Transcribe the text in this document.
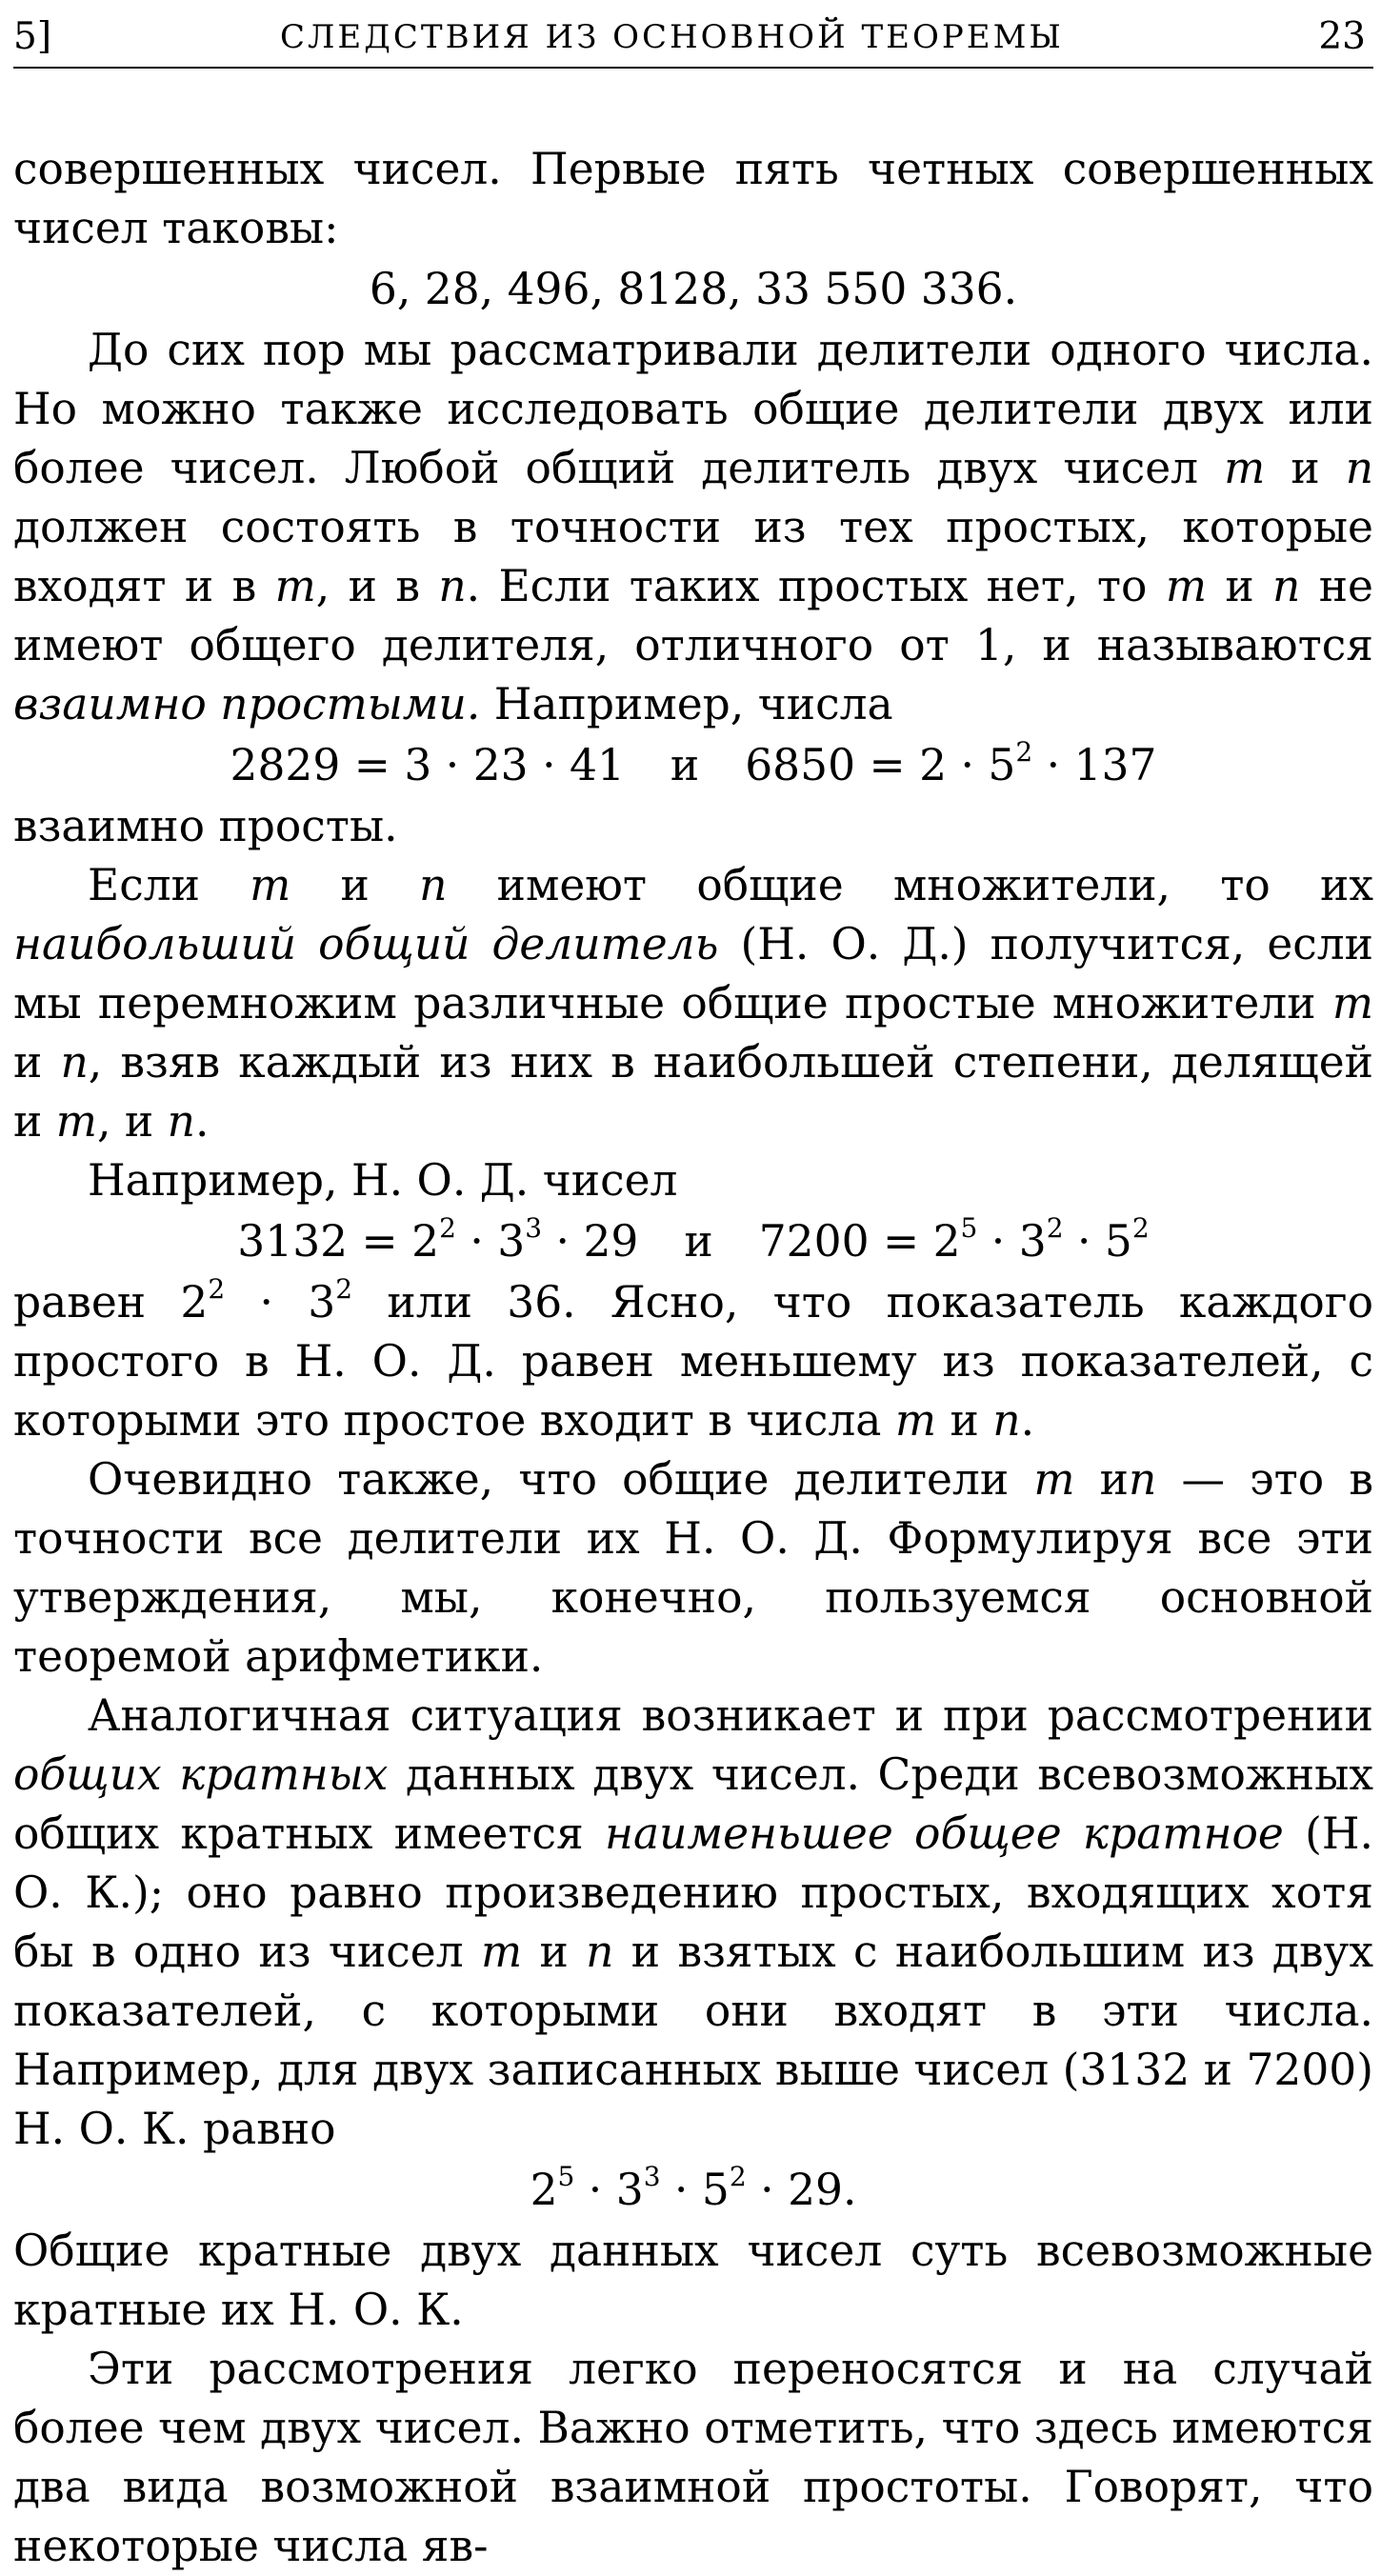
5]	СЛЕДСТВИЯ ИЗ ОСНОВНОЙ ТЕОРЕМЫ	23

совершенных чисел. Первые пять четных совершенных чисел таковы:

6, 28, 496, 8128, 33 550 336.

До сих пор мы рассматривали делители одного числа. Но можно также исследовать общие делители двух или более чисел. Любой общий делитель двух чисел m и n должен состоять в точности из тех простых, которые входят и в m, и в n. Если таких простых нет, то m и n не имеют общего делителя, отличного от 1, и называются взаимно простыми. Например, числа

2829 = 3 · 23 · 41 и $6850 = 2 \cdot 5^2 \cdot 137$

взаимно просты.

Если m и n имеют общие множители, то их наибольший общий делитель (Н. О. Д.) получится, если мы перемножим различные общие простые множители m и n, взяв каждый из них в наибольшей степени, делящей и m, и n.

Например, Н. О. Д. чисел

$3132 = 2^2 \cdot 3^3 \cdot 29$ и $7200 = 2^5 \cdot 3^2 \cdot 5^2$

равен $2^2 \cdot 3^2$ или 36. Ясно, что показатель каждого простого в Н. О. Д. равен меньшему из показателей, с которыми это простое входит в числа m и n.

Очевидно также, что общие делители m иn — это в точности все делители их Н. О. Д. Формулируя все эти утверждения, мы, конечно, пользуемся основной теоремой арифметики.

Аналогичная ситуация возникает и при рассмотрении общих кратных данных двух чисел. Среди всевозможных общих кратных имеется наименьшее общее кратное (Н. О. К.); оно равно произведению простых, входящих хотя бы в одно из чисел m и n и взятых с наибольшим из двух показателей, с которыми они входят в эти числа. Например, для двух записанных выше чисел (3132 и 7200) Н. О. К. равно

$2^5 \cdot 3^3 \cdot 5^2 \cdot 29$.

Общие кратные двух данных чисел суть всевозможные кратные их Н. О. К.

Эти рассмотрения легко переносятся и на случай более чем двух чисел. Важно отметить, что здесь имеются два вида возможной взаимной простоты. Говорят, что некоторые числа яв-
